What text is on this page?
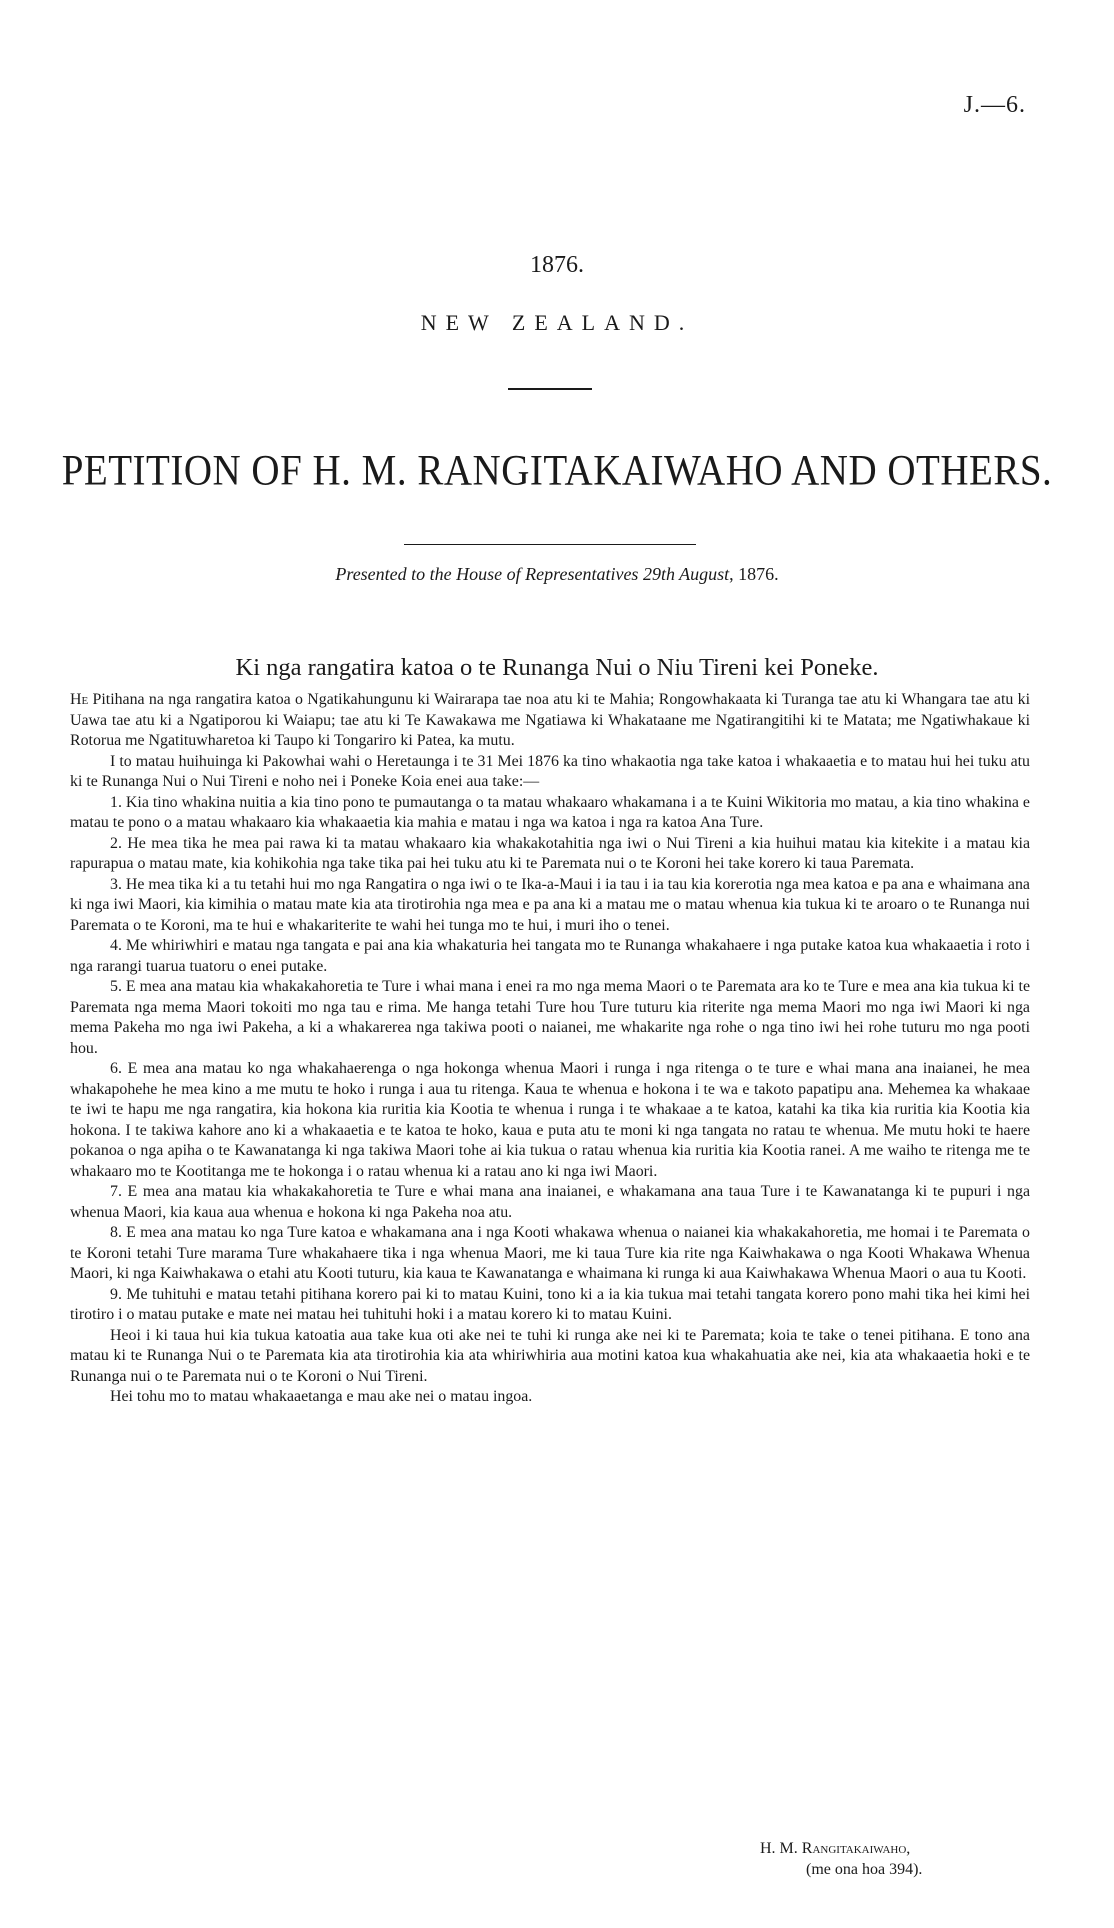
J.—6.
1876.
NEW ZEALAND.
PETITION OF H. M. RANGITAKAIWAHO AND OTHERS.
Presented to the House of Representatives 29th August, 1876.
Ki nga rangatira katoa o te Runanga Nui o Niu Tireni kei Poneke.

He Pitihana na nga rangatira katoa o Ngatikahungunu ki Wairarapa tae noa atu ki te Mahia; Rongowhakaata ki Turanga tae atu ki Whangara tae atu ki Uawa tae atu ki a Ngatiporou ki Waiapu; tae atu ki Te Kawakawa me Ngatiawa ki Whakataane me Ngatirangitihi ki te Matata; me Ngatiwhakaue ki Rotorua me Ngatituwharetoa ki Taupo ki Tongariro ki Patea, ka mutu.

I to matau huihuinga ki Pakowhai wahi o Heretaunga i te 31 Mei 1876 ka tino whakaotia nga take katoa i whakaaetia e to matau hui hei tuku atu ki te Runanga Nui o Nui Tireni e noho nei i Poneke Koia enei aua take:—

1. Kia tino whakina nuitia a kia tino pono te pumautanga o ta matau whakaaro whakamana i a te Kuini Wikitoria mo matau, a kia tino whakina e matau te pono o a matau whakaaro kia whakaaetia kia mahia e matau i nga wa katoa i nga ra katoa Ana Ture.

2. He mea tika he mea pai rawa ki ta matau whakaaro kia whakakotahitia nga iwi o Nui Tireni a kia huihui matau kia kitekite i a matau kia rapurapua o matau mate, kia kohikohia nga take tika pai hei tuku atu ki te Paremata nui o te Koroni hei take korero ki taua Paremata.

3. He mea tika ki a tu tetahi hui mo nga Rangatira o nga iwi o te Ika-a-Maui i ia tau i ia tau kia korerotia nga mea katoa e pa ana e whaimana ana ki nga iwi Maori, kia kimihia o matau mate kia ata tirotirohia nga mea e pa ana ki a matau me o matau whenua kia tukua ki te aroaro o te Runanga nui Paremata o te Koroni, ma te hui e whakariterite te wahi hei tunga mo te hui, i muri iho o tenei.

4. Me whiriwhiri e matau nga tangata e pai ana kia whakaturia hei tangata mo te Runanga whakahaere i nga putake katoa kua whakaaetia i roto i nga rarangi tuarua tuatoru o enei putake.

5. E mea ana matau kia whakakahoretia te Ture i whai mana i enei ra mo nga mema Maori o te Paremata ara ko te Ture e mea ana kia tukua ki te Paremata nga mema Maori tokoiti mo nga tau e rima. Me hanga tetahi Ture hou Ture tuturu kia riterite nga mema Maori mo nga iwi Maori ki nga mema Pakeha mo nga iwi Pakeha, a ki a whakarerea nga takiwa pooti o naianei, me whakarite nga rohe o nga tino iwi hei rohe tuturu mo nga pooti hou.

6. E mea ana matau ko nga whakahaerenga o nga hokonga whenua Maori i runga i nga ritenga o te ture e whai mana ana inaianei, he mea whakapohehe he mea kino a me mutu te hoko i runga i aua tu ritenga. Kaua te whenua e hokona i te wa e takoto papatipu ana. Mehemea ka whakaae te iwi te hapu me nga rangatira, kia hokona kia ruritia kia Kootia te whenua i runga i te whakaae a te katoa, katahi ka tika kia ruritia kia Kootia kia hokona. I te takiwa kahore ano ki a whakaaetia e te katoa te hoko, kaua e puta atu te moni ki nga tangata no ratau te whenua. Me mutu hoki te haere pokanoa o nga apiha o te Kawanatanga ki nga takiwa Maori tohe ai kia tukua o ratau whenua kia ruritia kia Kootia ranei. A me waiho te ritenga me te whakaaro mo te Kootitanga me te hokonga i o ratau whenua ki a ratau ano ki nga iwi Maori.

7. E mea ana matau kia whakakahoretia te Ture e whai mana ana inaianei, e whakamana ana taua Ture i te Kawanatanga ki te pupuri i nga whenua Maori, kia kaua aua whenua e hokona ki nga Pakeha noa atu.

8. E mea ana matau ko nga Ture katoa e whakamana ana i nga Kooti whakawa whenua o naianei kia whakakahoretia, me homai i te Paremata o te Koroni tetahi Ture marama Ture whakahaere tika i nga whenua Maori, me ki taua Ture kia rite nga Kaiwhakawa o nga Kooti Whakawa Whenua Maori, ki nga Kaiwhakawa o etahi atu Kooti tuturu, kia kaua te Kawanatanga e whaimana ki runga ki aua Kaiwhakawa Whenua Maori o aua tu Kooti.

9. Me tuhituhi e matau tetahi pitihana korero pai ki to matau Kuini, tono ki a ia kia tukua mai tetahi tangata korero pono mahi tika hei kimi hei tirotiro i o matau putake e mate nei matau hei tuhituhi hoki i a matau korero ki to matau Kuini.

Heoi i ki taua hui kia tukua katoatia aua take kua oti ake nei te tuhi ki runga ake nei ki te Paremata; koia te take o tenei pitihana. E tono ana matau ki te Runanga Nui o te Paremata kia ata tirotirohia kia ata whiriwhiria aua motini katoa kua whakahuatia ake nei, kia ata whakaaetia hoki e te Runanga nui o te Paremata nui o te Koroni o Nui Tireni.

Hei tohu mo to matau whakaaetanga e mau ake nei o matau ingoa.

H. M. Rangitakaiwaho,
(me ona hoa 394).
